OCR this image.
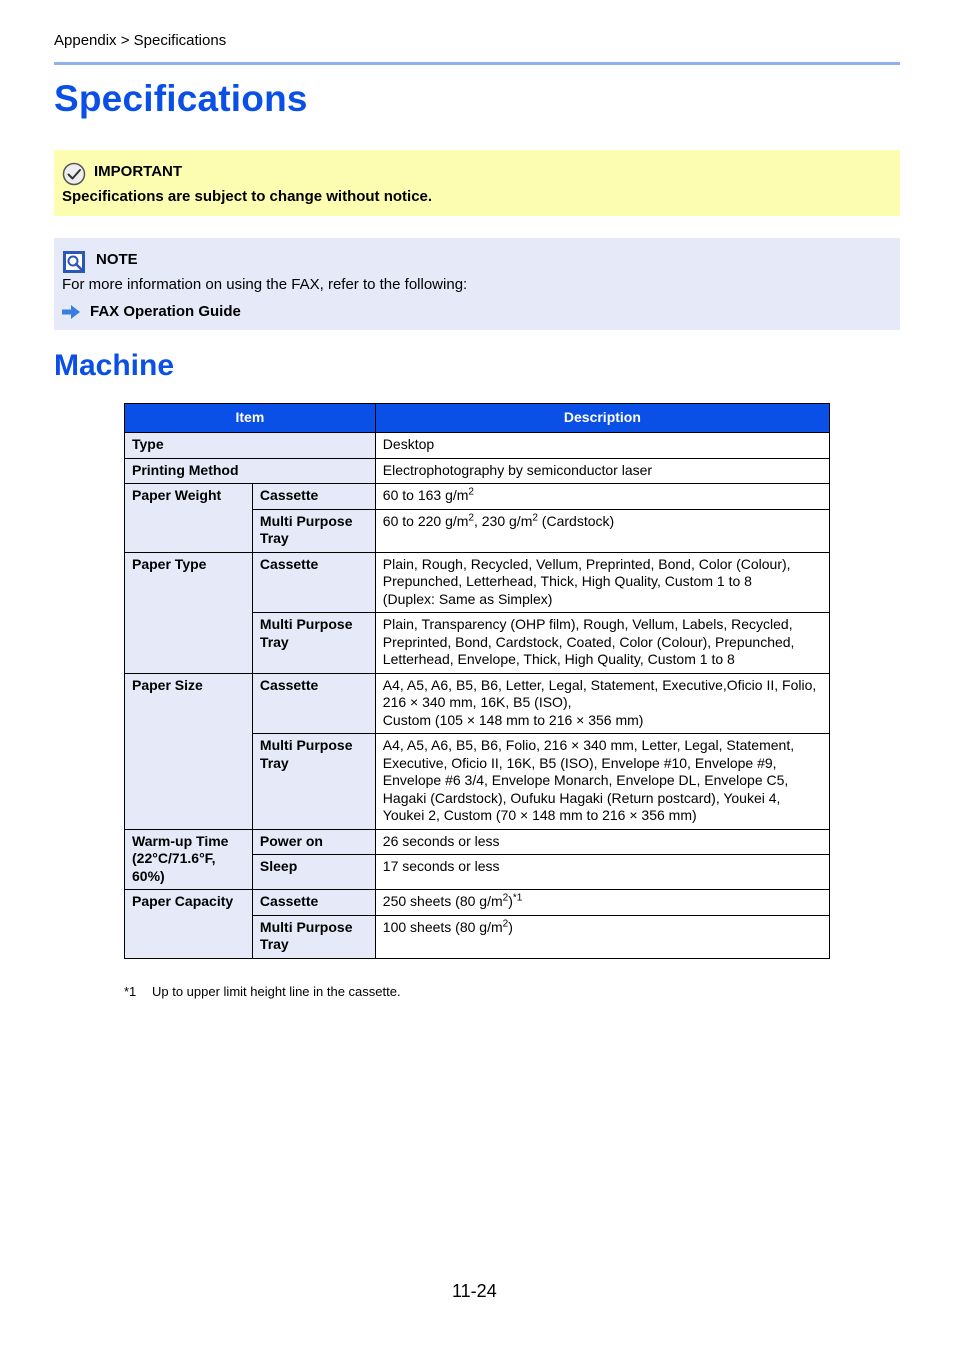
Appendix > Specifications
Specifications
IMPORTANT
Specifications are subject to change without notice.
NOTE
For more information on using the FAX, refer to the following:
FAX Operation Guide
Machine
Item		Description
Type		Desktop
Printing Method		Electrophotography by semiconductor laser
Paper Weight	Cassette	60 to 163 $g/m^2$
	Multi Purpose Tray	60 to 220 $g/m^2$, 230 $g/m^2$ (Cardstock)
Paper Type	Cassette	Plain, Rough, Recycled, Vellum, Preprinted, Bond, Color (Colour), Prepunched, Letterhead, Thick, High Quality, Custom 1 to 8
(Duplex: Same as Simplex)

	Multi Purpose Tray	Plain, Transparency (OHP film), Rough, Vellum, Labels, Recycled, Preprinted, Bond, Cardstock, Coated, Color (Colour), Prepunched, Letterhead, Envelope, Thick, High Quality, Custom 1 to 8
Paper Size	Cassette	A4, A5, A6, B5, B6, Letter, Legal, Statement, Executive,Oficio II, Folio, 216 × 340 mm, 16K, B5 (ISO),
Custom (105 × 148 mm to 216 × 356 mm)

	Multi Purpose Tray	A4, A5, A6, B5, B6, Folio, 216 × 340 mm, Letter, Legal, Statement, Executive, Oficio II, 16K, B5 (ISO), Envelope #10, Envelope #9, Envelope #6 3/4, Envelope Monarch, Envelope DL, Envelope C5, Hagaki (Cardstock), Oufuku Hagaki (Return postcard), Youkei 4, Youkei 2, Custom (70 × 148 mm to 216 × 356 mm)
Warm-up Time (22°C/71.6°F, 60%)	Power on	26 seconds or less
	Sleep	17 seconds or less
Paper Capacity	Cassette	250 sheets (80 $g/m^2)^{*1}$
	Multi Purpose Tray	100 sheets (80 $g/m^2$)
*1 Up to upper limit height line in the cassette.
11-24
